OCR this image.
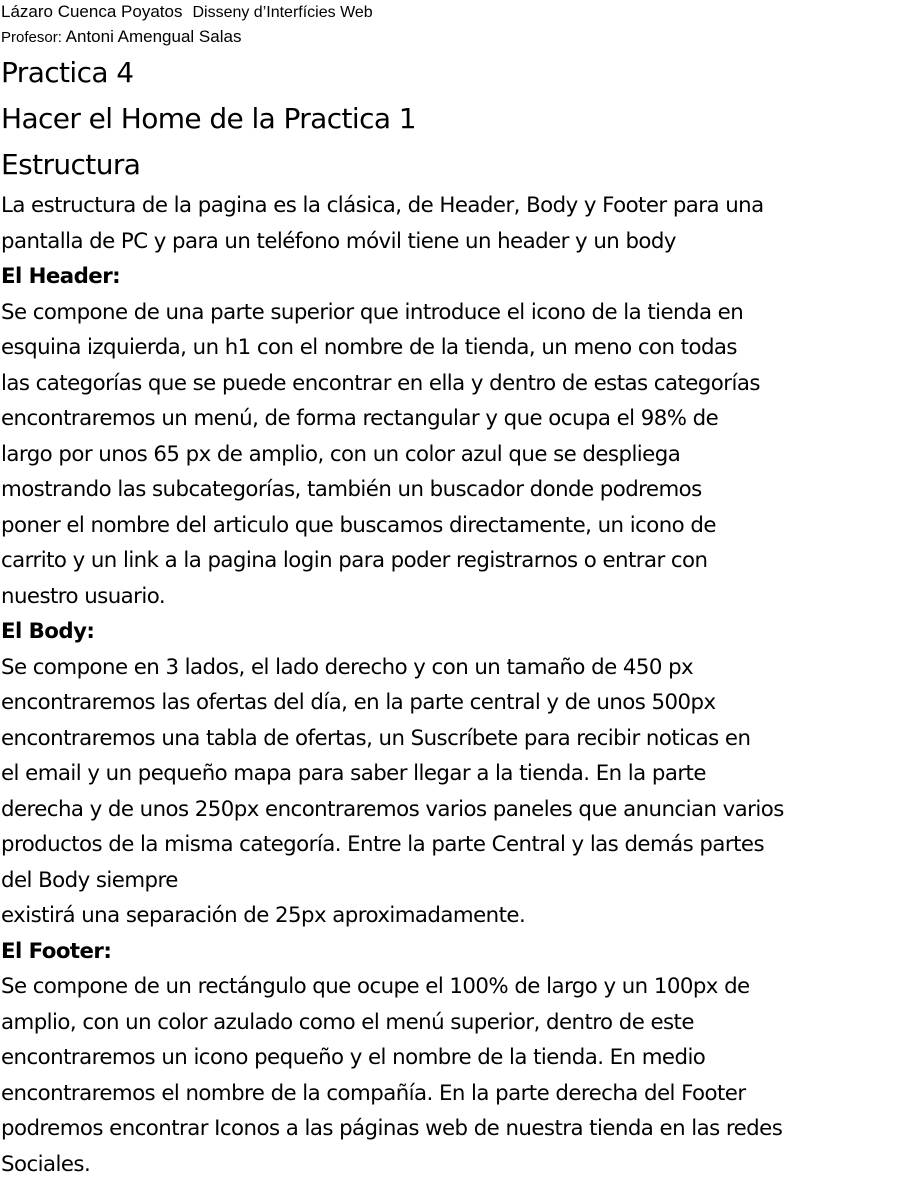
Lázaro Cuenca Poyatos Disseny d’Interfícies Web
Profesor: Antoni Amengual Salas
Practica 4
Hacer el Home de la Practica 1
Estructura
La estructura de la pagina es la clásica, de Header, Body y Footer para una
pantalla de PC y para un teléfono móvil tiene un header y un body
El Header:
Se compone de una parte superior que introduce el icono de la tienda en
esquina izquierda, un h1 con el nombre de la tienda, un meno con todas
las categorías que se puede encontrar en ella y dentro de estas categorías
encontraremos un menú, de forma rectangular y que ocupa el 98% de
largo por unos 65 px de amplio, con un color azul que se despliega
mostrando las subcategorías, también un buscador donde podremos
poner el nombre del articulo que buscamos directamente, un icono de
carrito y un link a la pagina login para poder registrarnos o entrar con
nuestro usuario.
El Body:
Se compone en 3 lados, el lado derecho y con un tamaño de 450 px
encontraremos las ofertas del día, en la parte central y de unos 500px
encontraremos una tabla de ofertas, un Suscríbete para recibir noticas en
el email y un pequeño mapa para saber llegar a la tienda. En la parte
derecha y de unos 250px encontraremos varios paneles que anuncian varios
productos de la misma categoría. Entre la parte Central y las demás partes
del Body siempre
existirá una separación de 25px aproximadamente.
El Footer:
Se compone de un rectángulo que ocupe el 100% de largo y un 100px de
amplio, con un color azulado como el menú superior, dentro de este
encontraremos un icono pequeño y el nombre de la tienda. En medio
encontraremos el nombre de la compañía. En la parte derecha del Footer
podremos encontrar Iconos a las páginas web de nuestra tienda en las redes
Sociales.
